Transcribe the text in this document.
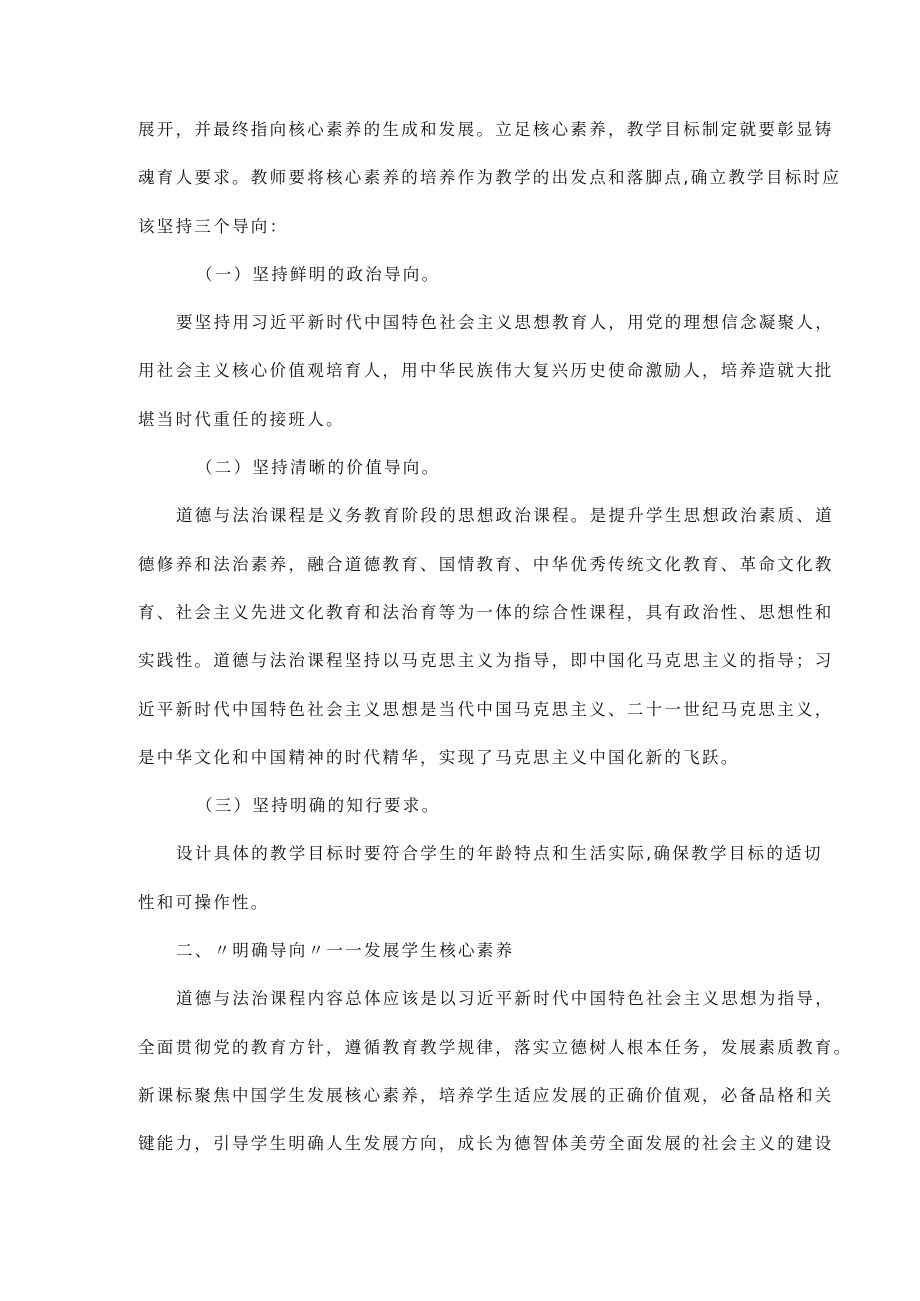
展开，并最终指向核心素养的生成和发展。立足核心素养，教学目标制定就要彰显铸
魂育人要求。教师要将核心素养的培养作为教学的出发点和落脚点,确立教学目标时应
该坚持三个导向：
（一）坚持鲜明的政治导向。
要坚持用习近平新时代中国特色社会主义思想教育人，用党的理想信念凝聚人，
用社会主义核心价值观培育人，用中华民族伟大复兴历史使命激励人，培养造就大批
堪当时代重任的接班人。
（二）坚持清晰的价值导向。
道德与法治课程是义务教育阶段的思想政治课程。是提升学生思想政治素质、道
德修养和法治素养，融合道德教育、国情教育、中华优秀传统文化教育、革命文化教
育、社会主义先进文化教育和法治育等为一体的综合性课程，具有政治性、思想性和
实践性。道德与法治课程坚持以马克思主义为指导，即中国化马克思主义的指导；习
近平新时代中国特色社会主义思想是当代中国马克思主义、二十一世纪马克思主义，
是中华文化和中国精神的时代精华，实现了马克思主义中国化新的飞跃。
（三）坚持明确的知行要求。
设计具体的教学目标时要符合学生的年龄特点和生活实际,确保教学目标的适切
性和可操作性。
二、〃明确导向〃一一发展学生核心素养
道德与法治课程内容总体应该是以习近平新时代中国特色社会主义思想为指导，
全面贯彻党的教育方针，遵循教育教学规律，落实立德树人根本任务，发展素质教育。
新课标聚焦中国学生发展核心素养，培养学生适应发展的正确价值观，必备品格和关
键能力，引导学生明确人生发展方向，成长为德智体美劳全面发展的社会主义的建设
